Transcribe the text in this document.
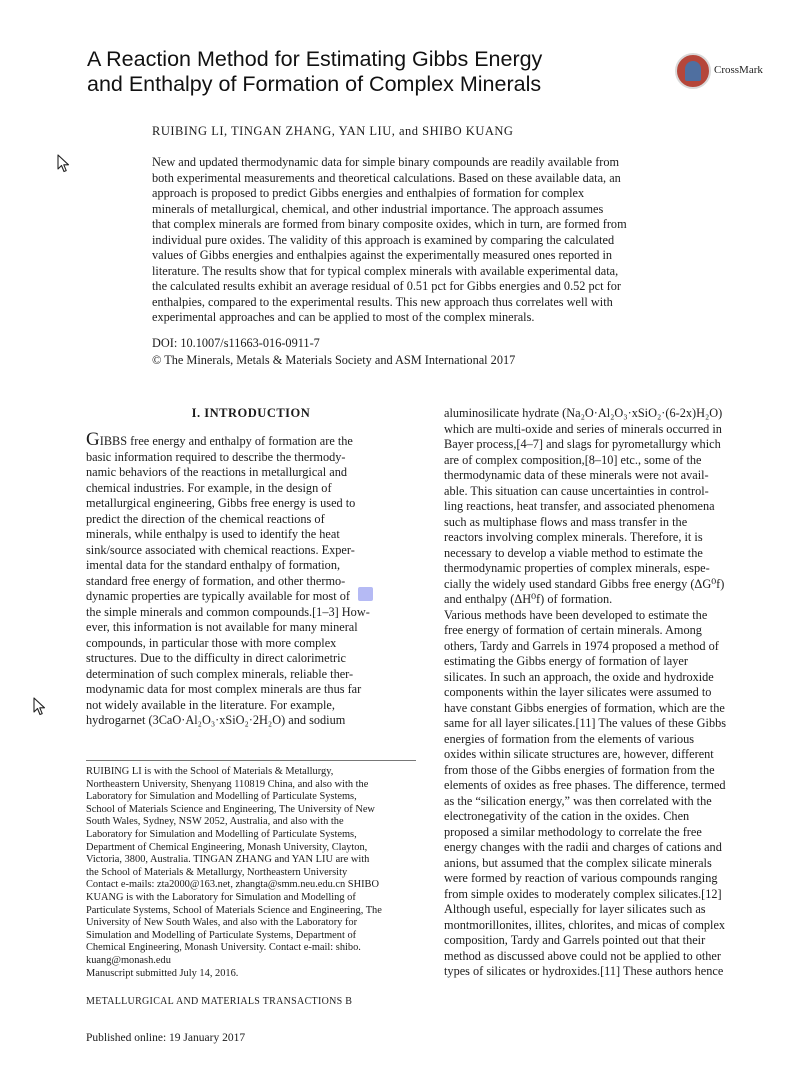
A Reaction Method for Estimating Gibbs Energy
and Enthalpy of Formation of Complex Minerals
CrossMark
RUIBING LI, TINGAN ZHANG, YAN LIU, and SHIBO KUANG
New and updated thermodynamic data for simple binary compounds are readily available from
both experimental measurements and theoretical calculations. Based on these available data, an
approach is proposed to predict Gibbs energies and enthalpies of formation for complex
minerals of metallurgical, chemical, and other industrial importance. The approach assumes
that complex minerals are formed from binary composite oxides, which in turn, are formed from
individual pure oxides. The validity of this approach is examined by comparing the calculated
values of Gibbs energies and enthalpies against the experimentally measured ones reported in
literature. The results show that for typical complex minerals with available experimental data,
the calculated results exhibit an average residual of 0.51 pct for Gibbs energies and 0.52 pct for
enthalpies, compared to the experimental results. This new approach thus correlates well with
experimental approaches and can be applied to most of the complex minerals.
DOI: 10.1007/s11663-016-0911-7
© The Minerals, Metals & Materials Society and ASM International 2017
I. INTRODUCTION
GIBBS free energy and enthalpy of formation are the
basic information required to describe the thermody-
namic behaviors of the reactions in metallurgical and
chemical industries. For example, in the design of
metallurgical engineering, Gibbs free energy is used to
predict the direction of the chemical reactions of
minerals, while enthalpy is used to identify the heat
sink/source associated with chemical reactions. Exper-
imental data for the standard enthalpy of formation,
standard free energy of formation, and other thermo-
dynamic properties are typically available for most of
the simple minerals and common compounds.[1–3] How-
ever, this information is not available for many mineral
compounds, in particular those with more complex
structures. Due to the difficulty in direct calorimetric
determination of such complex minerals, reliable ther-
modynamic data for most complex minerals are thus far
not widely available in the literature. For example,
hydrogarnet (3CaO·Al₂O₃·xSiO₂·2H₂O) and sodium
RUIBING LI is with the School of Materials & Metallurgy,
Northeastern University, Shenyang 110819 China, and also with the
Laboratory for Simulation and Modelling of Particulate Systems,
School of Materials Science and Engineering, The University of New
South Wales, Sydney, NSW 2052, Australia, and also with the
Laboratory for Simulation and Modelling of Particulate Systems,
Department of Chemical Engineering, Monash University, Clayton,
Victoria, 3800, Australia. TINGAN ZHANG and YAN LIU are with
the School of Materials & Metallurgy, Northeastern University
Contact e-mails: zta2000@163.net, zhangta@smm.neu.edu.cn SHIBO
KUANG is with the Laboratory for Simulation and Modelling of
Particulate Systems, School of Materials Science and Engineering, The
University of New South Wales, and also with the Laboratory for
Simulation and Modelling of Particulate Systems, Department of
Chemical Engineering, Monash University. Contact e-mail: shibo.
kuang@monash.edu
Manuscript submitted July 14, 2016.
aluminosilicate hydrate (Na₂O·Al₂O₃·xSiO₂·(6-2x)H₂O)
which are multi-oxide and series of minerals occurred in
Bayer process,[4–7] and slags for pyrometallurgy which
are of complex composition,[8–10] etc., some of the
thermodynamic data of these minerals were not avail-
able. This situation can cause uncertainties in control-
ling reactions, heat transfer, and associated phenomena
such as multiphase flows and mass transfer in the
reactors involving complex minerals. Therefore, it is
necessary to develop a viable method to estimate the
thermodynamic properties of complex minerals, espe-
cially the widely used standard Gibbs free energy (ΔG⁰f)
and enthalpy (ΔH⁰f) of formation.
Various methods have been developed to estimate the
free energy of formation of certain minerals. Among
others, Tardy and Garrels in 1974 proposed a method of
estimating the Gibbs energy of formation of layer
silicates. In such an approach, the oxide and hydroxide
components within the layer silicates were assumed to
have constant Gibbs energies of formation, which are the
same for all layer silicates.[11] The values of these Gibbs
energies of formation from the elements of various
oxides within silicate structures are, however, different
from those of the Gibbs energies of formation from the
elements of oxides as free phases. The difference, termed
as the “silication energy,” was then correlated with the
electronegativity of the cation in the oxides. Chen
proposed a similar methodology to correlate the free
energy changes with the radii and charges of cations and
anions, but assumed that the complex silicate minerals
were formed by reaction of various compounds ranging
from simple oxides to moderately complex silicates.[12]
Although useful, especially for layer silicates such as
montmorillonites, illites, chlorites, and micas of complex
composition, Tardy and Garrels pointed out that their
method as discussed above could not be applied to other
types of silicates or hydroxides.[11] These authors hence
METALLURGICAL AND MATERIALS TRANSACTIONS B
Published online: 19 January 2017
